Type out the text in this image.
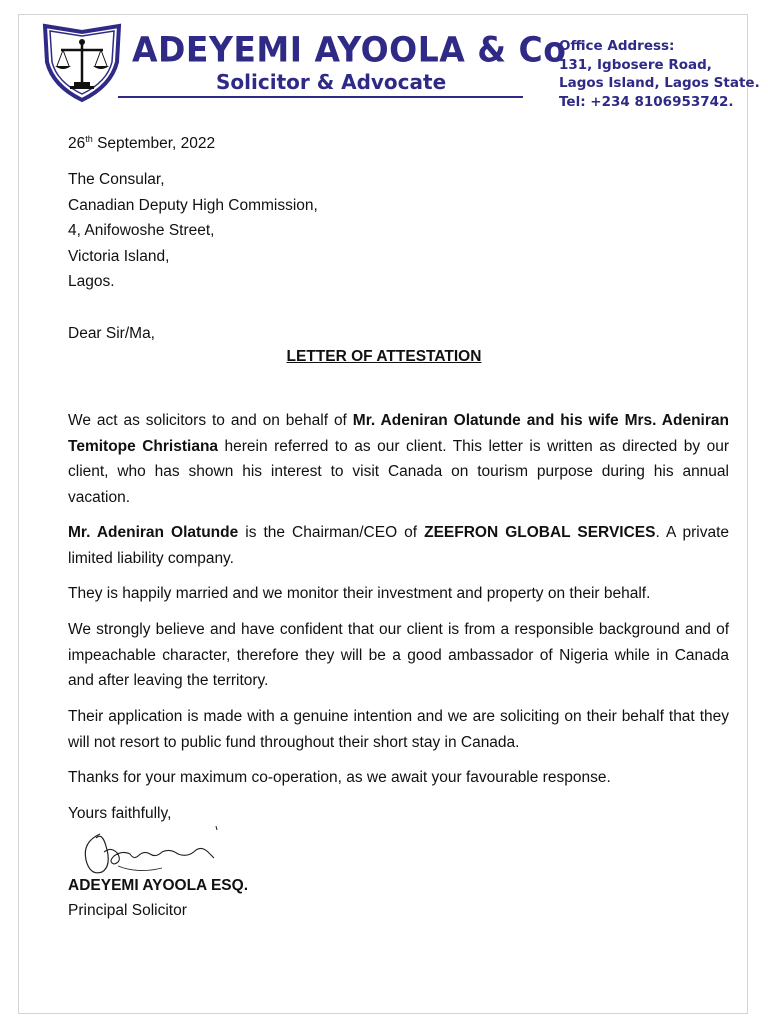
ADEYEMI AYOOLA & Co
Solicitor & Advocate
Office Address:
131, Igbosere Road,
Lagos Island, Lagos State.
Tel: +234 8106953742.
26th September, 2022
The Consular,
Canadian Deputy High Commission,
4, Anifowoshe Street,
Victoria Island,
Lagos.
Dear Sir/Ma,
LETTER OF ATTESTATION
We act as solicitors to and on behalf of Mr. Adeniran Olatunde and his wife Mrs. Adeniran Temitope Christiana herein referred to as our client. This letter is written as directed by our client, who has shown his interest to visit Canada on tourism purpose during his annual vacation.
Mr. Adeniran Olatunde is the Chairman/CEO of ZEEFRON GLOBAL SERVICES. A private limited liability company.
They is happily married and we monitor their investment and property on their behalf.
We strongly believe and have confident that our client is from a responsible background and of impeachable character, therefore they will be a good ambassador of Nigeria while in Canada and after leaving the territory.
Their application is made with a genuine intention and we are soliciting on their behalf that they will not resort to public fund throughout their short stay in Canada.
Thanks for your maximum co-operation, as we await your favourable response.
Yours faithfully,
ADEYEMI AYOOLA ESQ.
Principal Solicitor
